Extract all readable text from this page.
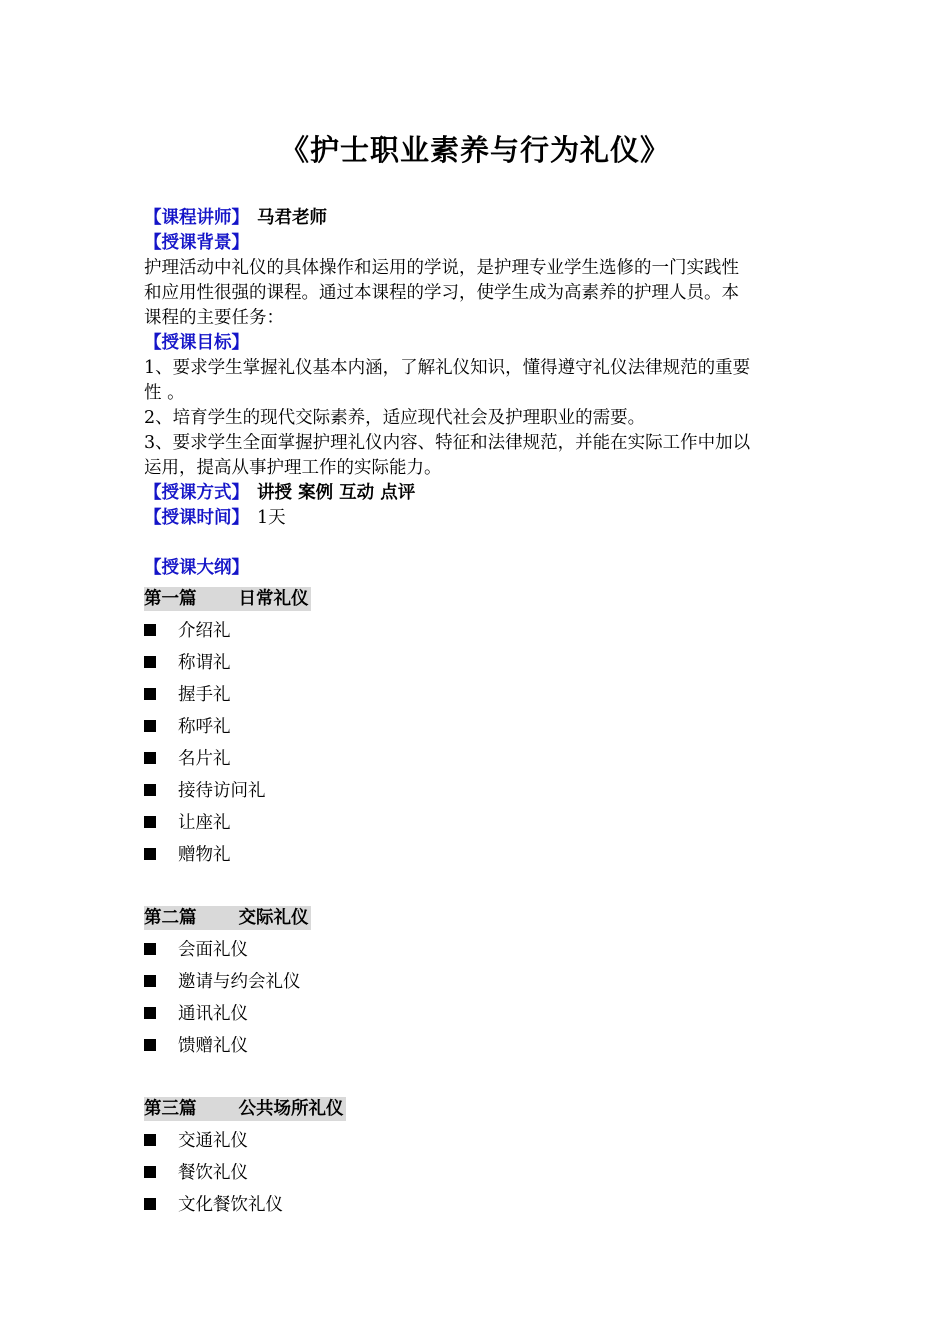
《护士职业素养与行为礼仪》
【课程讲师】 马君老师
【授课背景】
护理活动中礼仪的具体操作和运用的学说，是护理专业学生选修的一门实践性
和应用性很强的课程。通过本课程的学习，使学生成为高素养的护理人员。本
课程的主要任务：
【授课目标】
1、要求学生掌握礼仪基本内涵，了解礼仪知识，懂得遵守礼仪法律规范的重要
性 。
2、培育学生的现代交际素养，适应现代社会及护理职业的需要。
3、要求学生全面掌握护理礼仪内容、特征和法律规范，并能在实际工作中加以
运用，提高从事护理工作的实际能力。
【授课方式】 讲授 案例 互动 点评
【授课时间】 1天
【授课大纲】
第一篇 日常礼仪
介绍礼
称谓礼
握手礼
称呼礼
名片礼
接待访问礼
让座礼
赠物礼
第二篇 交际礼仪
会面礼仪
邀请与约会礼仪
通讯礼仪
馈赠礼仪
第三篇 公共场所礼仪
交通礼仪
餐饮礼仪
文化餐饮礼仪
